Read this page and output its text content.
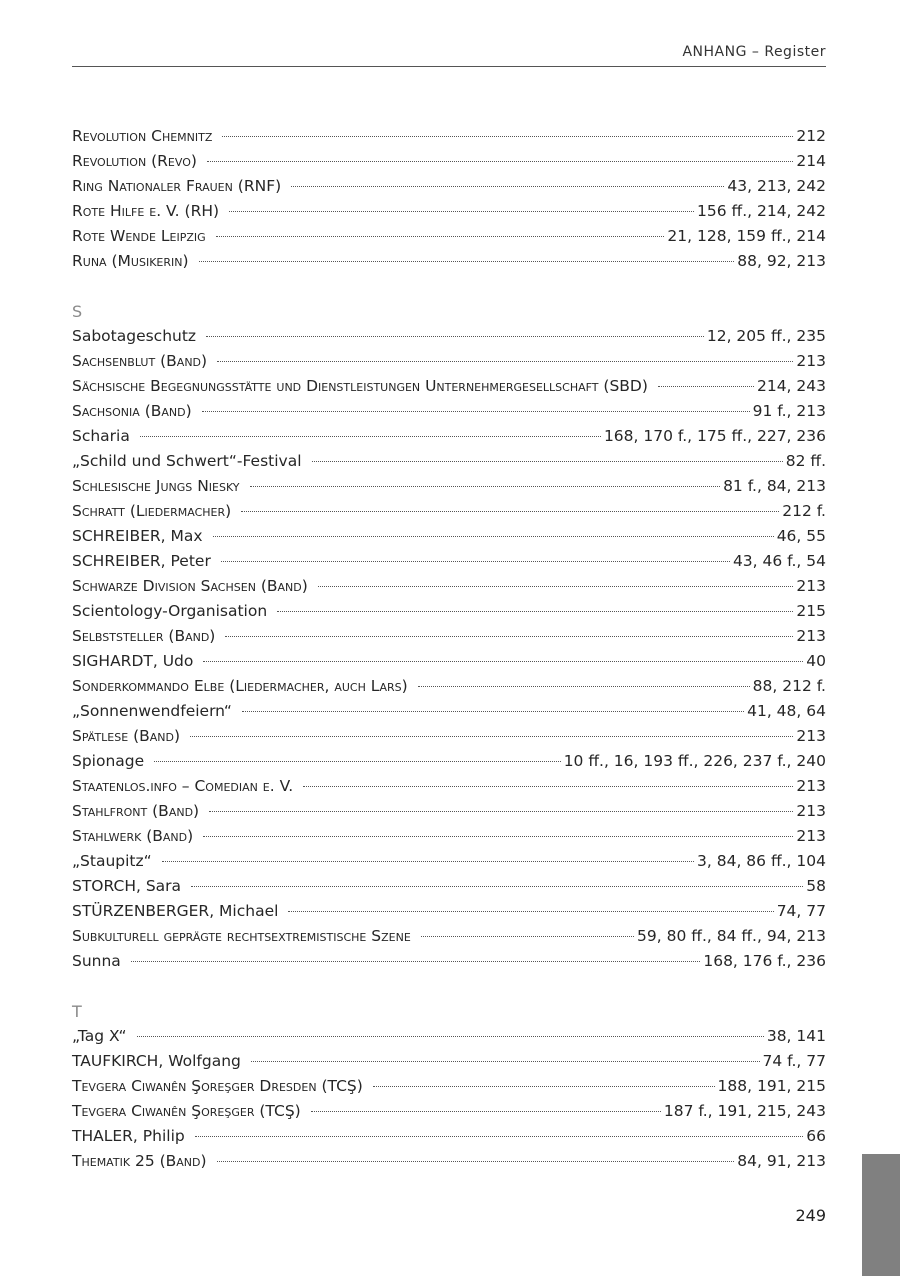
ANHANG – Register
Revolution Chemnitz	212
Revolution (Revo)	214
Ring Nationaler Frauen (RNF)	43, 213, 242
Rote Hilfe e. V. (RH)	156 ff., 214, 242
Rote Wende Leipzig	21, 128, 159 ff., 214
Runa (Musikerin)	88, 92, 213
S
Sabotageschutz	12, 205 ff., 235
Sachsenblut (Band)	213
Sächsische Begegnungsstätte und Dienstleistungen Unternehmergesellschaft (SBD)	214, 243
Sachsonia (Band)	91 f., 213
Scharia	168, 170 f., 175 ff., 227, 236
„Schild und Schwert“-Festival	82 ff.
Schlesische Jungs Niesky	81 f., 84, 213
Schratt (Liedermacher)	212 f.
SCHREIBER, Max	46, 55
SCHREIBER, Peter	43, 46 f., 54
Schwarze Division Sachsen (Band)	213
Scientology-Organisation	215
Selbststeller (Band)	213
SIGHARDT, Udo	40
Sonderkommando Elbe (Liedermacher, auch Lars)	88, 212 f.
„Sonnenwendfeiern“	41, 48, 64
Spätlese (Band)	213
Spionage	10 ff., 16, 193 ff., 226, 237 f., 240
Staatenlos.info – Comedian e. V.	213
Stahlfront (Band)	213
Stahlwerk (Band)	213
„Staupitz“	3, 84, 86 ff., 104
STORCH, Sara	58
STÜRZENBERGER, Michael	74, 77
Subkulturell geprägte rechtsextremistische Szene	59, 80 ff., 84 ff., 94, 213
Sunna	168, 176 f., 236
T
„Tag X“	38, 141
TAUFKIRCH, Wolfgang	74 f., 77
Tevgera Ciwanên Şoreşger Dresden (TCŞ)	188, 191, 215
Tevgera Ciwanên Şoreşger (TCŞ)	187 f., 191, 215, 243
THALER, Philip	66
Thematik 25 (Band)	84, 91, 213
249
